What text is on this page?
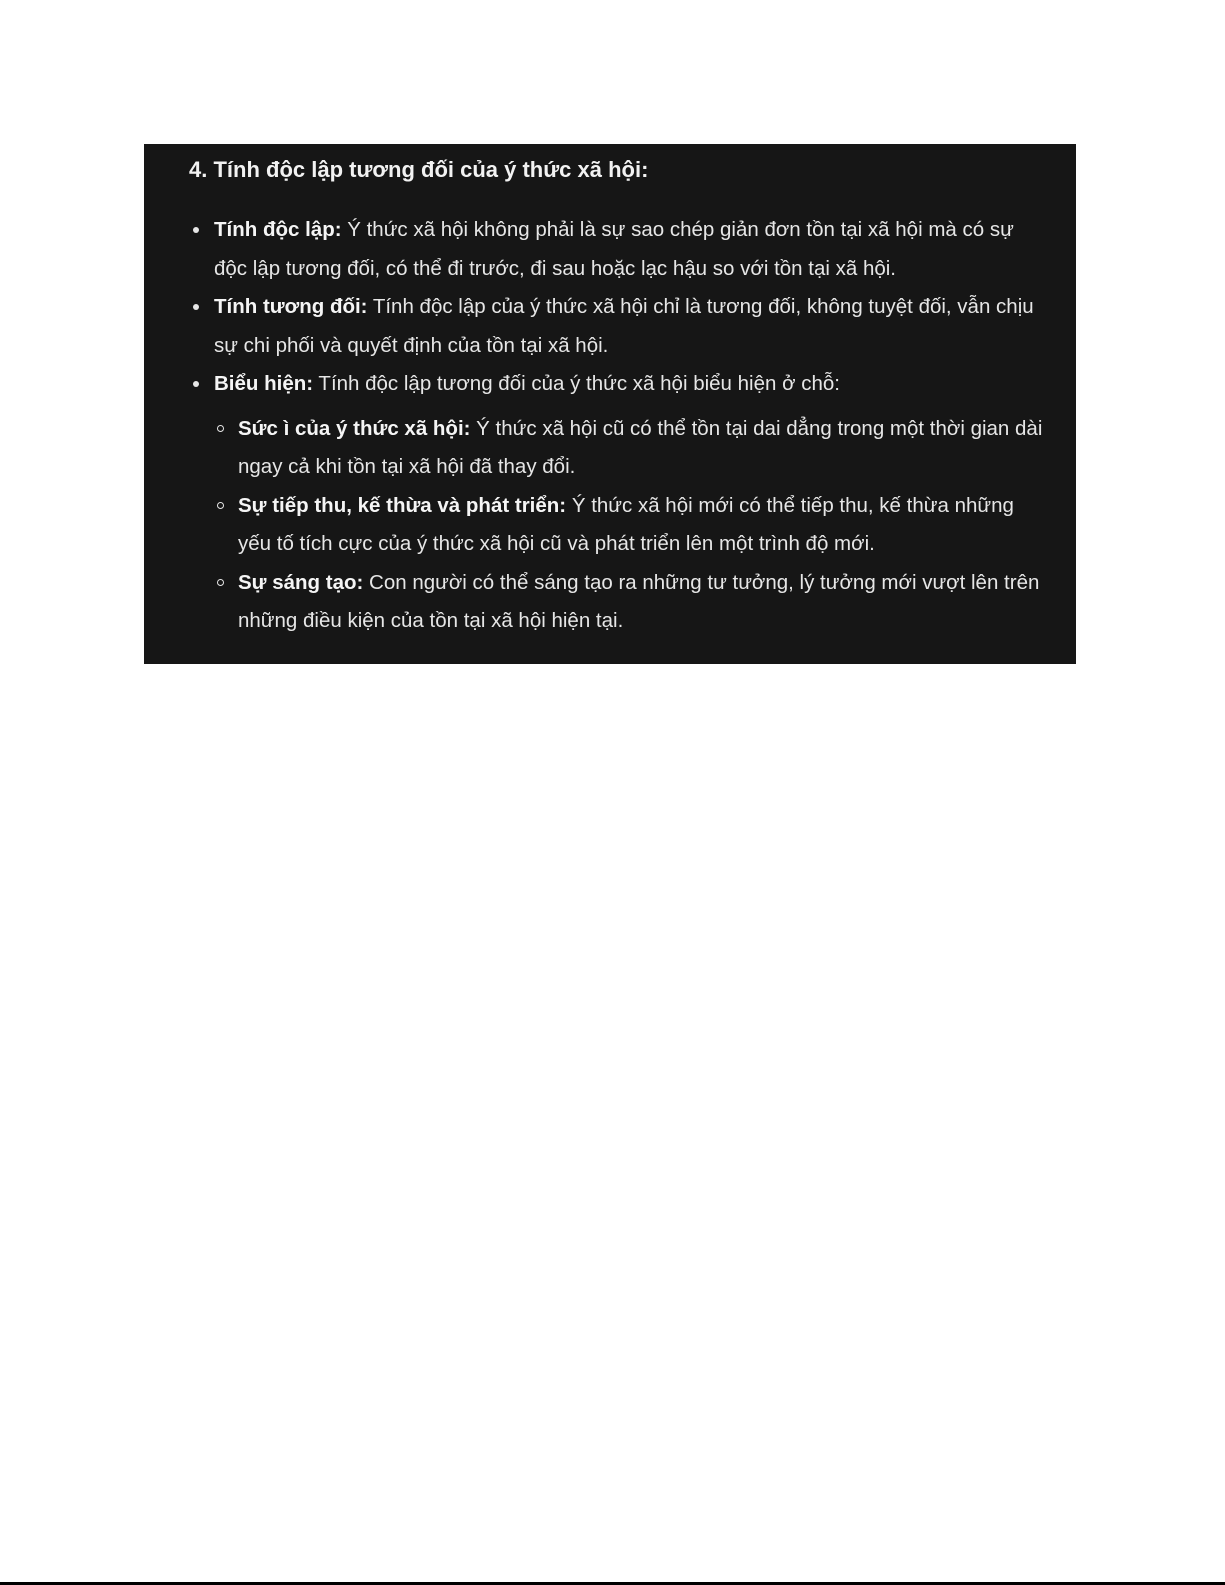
4. Tính độc lập tương đối của ý thức xã hội:
Tính độc lập: Ý thức xã hội không phải là sự sao chép giản đơn tồn tại xã hội mà có sự độc lập tương đối, có thể đi trước, đi sau hoặc lạc hậu so với tồn tại xã hội.
Tính tương đối: Tính độc lập của ý thức xã hội chỉ là tương đối, không tuyệt đối, vẫn chịu sự chi phối và quyết định của tồn tại xã hội.
Biểu hiện: Tính độc lập tương đối của ý thức xã hội biểu hiện ở chỗ:
Sức ì của ý thức xã hội: Ý thức xã hội cũ có thể tồn tại dai dẳng trong một thời gian dài ngay cả khi tồn tại xã hội đã thay đổi.
Sự tiếp thu, kế thừa và phát triển: Ý thức xã hội mới có thể tiếp thu, kế thừa những yếu tố tích cực của ý thức xã hội cũ và phát triển lên một trình độ mới.
Sự sáng tạo: Con người có thể sáng tạo ra những tư tưởng, lý tưởng mới vượt lên trên những điều kiện của tồn tại xã hội hiện tại.
